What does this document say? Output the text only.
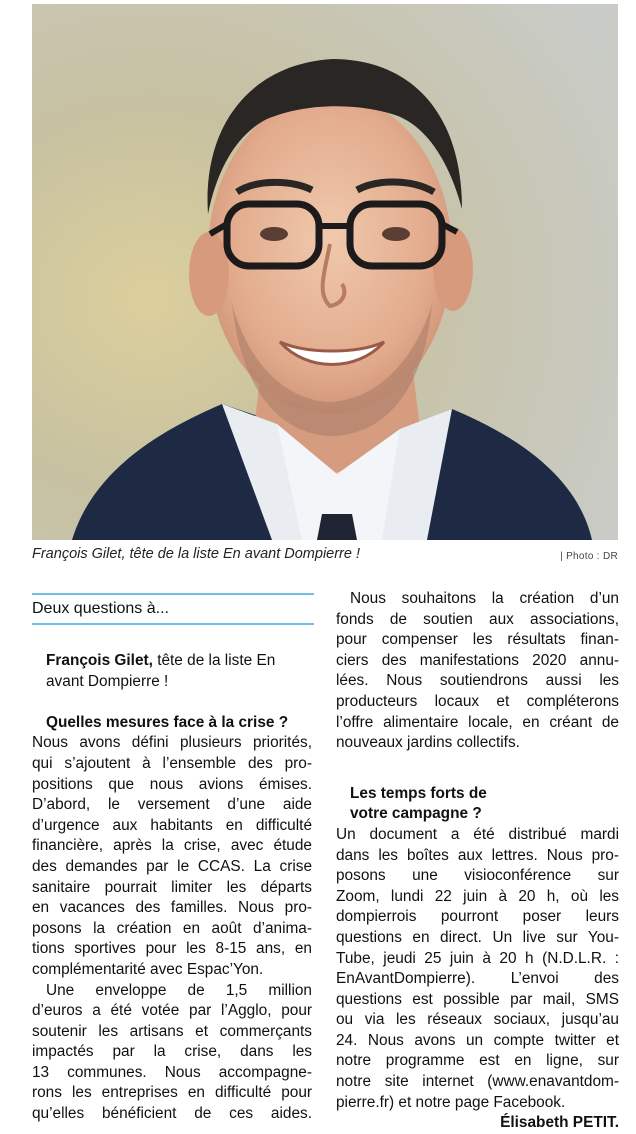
François Gilet, tête de la liste En avant Dompierre !	| Photo : DR
Deux questions à...

François Gilet, tête de la liste En

avant Dompierre !

Quelles mesures face à la crise ?

Nous avons défini plusieurs priorités,

qui s’ajoutent à l’ensemble des pro-

positions que nous avions émises.

D’abord, le versement d’une aide

d’urgence aux habitants en difficulté

financière, après la crise, avec étude

des demandes par le CCAS. La crise

sanitaire pourrait limiter les départs

en vacances des familles. Nous pro-

posons la création en août d’anima-

tions sportives pour les 8-15 ans, en

complémentarité avec Espac’Yon.

Une enveloppe de 1,5 million

d’euros a été votée par l’Agglo, pour

soutenir les artisans et commerçants

impactés par la crise, dans les

13 communes. Nous accompagne-

rons les entreprises en difficulté pour

qu’elles bénéficient de ces aides.

Nous souhaitons la création d’un

fonds de soutien aux associations,

pour compenser les résultats finan-

ciers des manifestations 2020 annu-

lées. Nous soutiendrons aussi les

producteurs locaux et compléterons

l’offre alimentaire locale, en créant de

nouveaux jardins collectifs.

Les temps forts de

votre campagne ?

Un document a été distribué mardi

dans les boîtes aux lettres. Nous pro-

posons une visioconférence sur

Zoom, lundi 22 juin à 20 h, où les

dompierrois pourront poser leurs

questions en direct. Un live sur You-

Tube, jeudi 25 juin à 20 h (N.D.L.R. :

EnAvantDompierre). L’envoi des

questions est possible par mail, SMS

ou via les réseaux sociaux, jusqu’au

24. Nous avons un compte twitter et

notre programme est en ligne, sur

notre site internet (www.enavantdom-

pierre.fr) et notre page Facebook.

Élisabeth PETIT.
